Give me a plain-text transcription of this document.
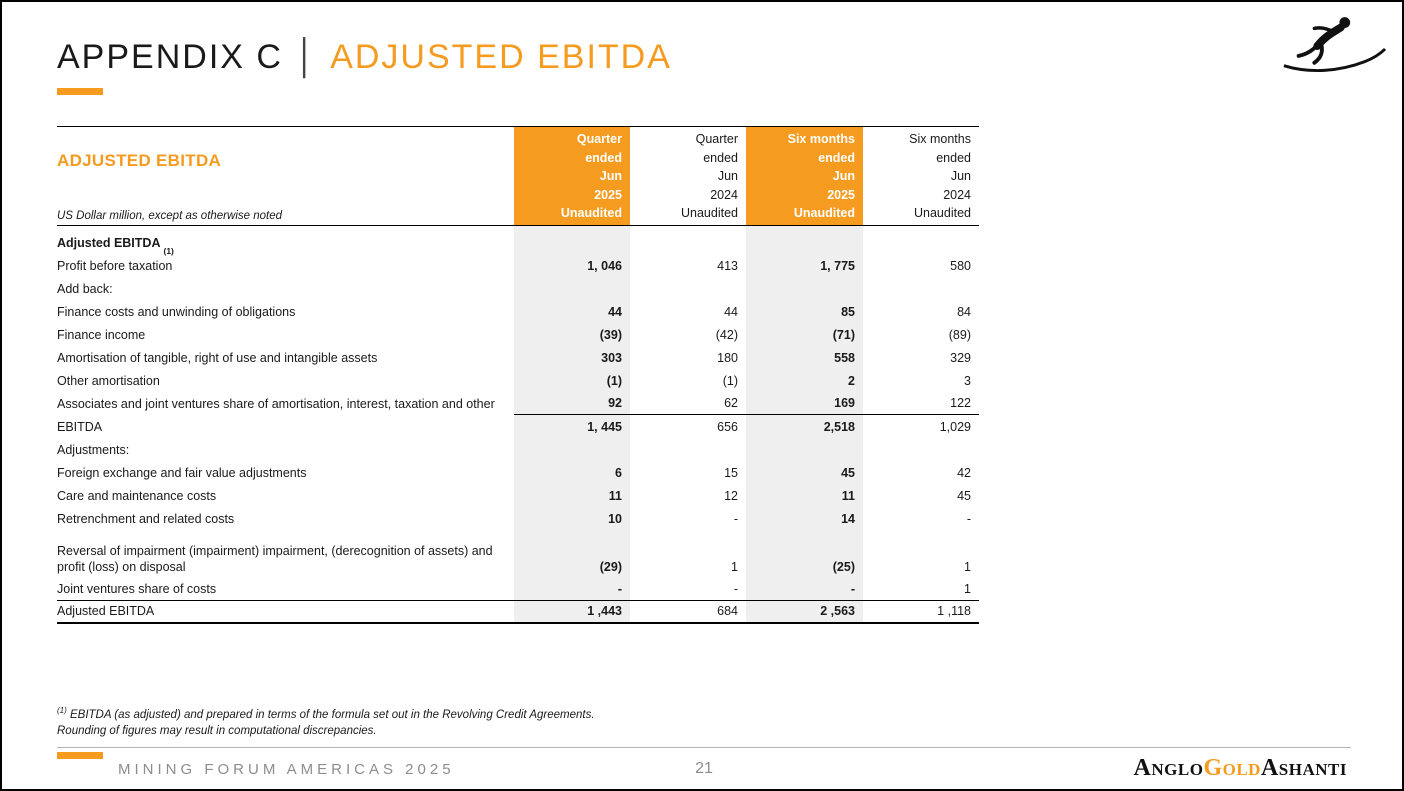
APPENDIX C │ ADJUSTED EBITDA
ADJUSTED EBITDA
US Dollar million, except as otherwise noted
Quarter
ended
Jun
2025
Unaudited
Quarter
ended
Jun
2024
Unaudited
Six months
ended
Jun
2025
Unaudited
Six months
ended
Jun
2024
Unaudited
Adjusted EBITDA
(1)
Profit before taxation	1, 046	413	1, 775	580
Add back:
Finance costs and unwinding of obligations	44	44	85	84
Finance income	(39)	(42)	(71)	(89)
Amortisation of tangible, right of use and intangible assets	303	180	558	329
Other amortisation	(1)	(1)	2	3
Associates and joint ventures share of amortisation, interest, taxation and other	92	62	169	122
EBITDA	1, 445	656	2,518	1,029
Adjustments:
Foreign exchange and fair value adjustments	6	15	45	42
Care and maintenance costs	11	12	11	45
Retrenchment and related costs	10	-	14	-
Reversal of impairment (impairment) impairment, (derecognition of assets) and profit (loss) on disposal	(29)	1	(25)	1
Joint ventures share of costs	-	-	-	1
Adjusted EBITDA	1 ,443	684	2 ,563	1 ,118
$^{(1)}$ EBITDA (as adjusted) and prepared in terms of the formula set out in the Revolving Credit Agreements.
Rounding of figures may result in computational discrepancies.
MINING FORUM AMERICAS 2025	21	AngloGoldAshanti
